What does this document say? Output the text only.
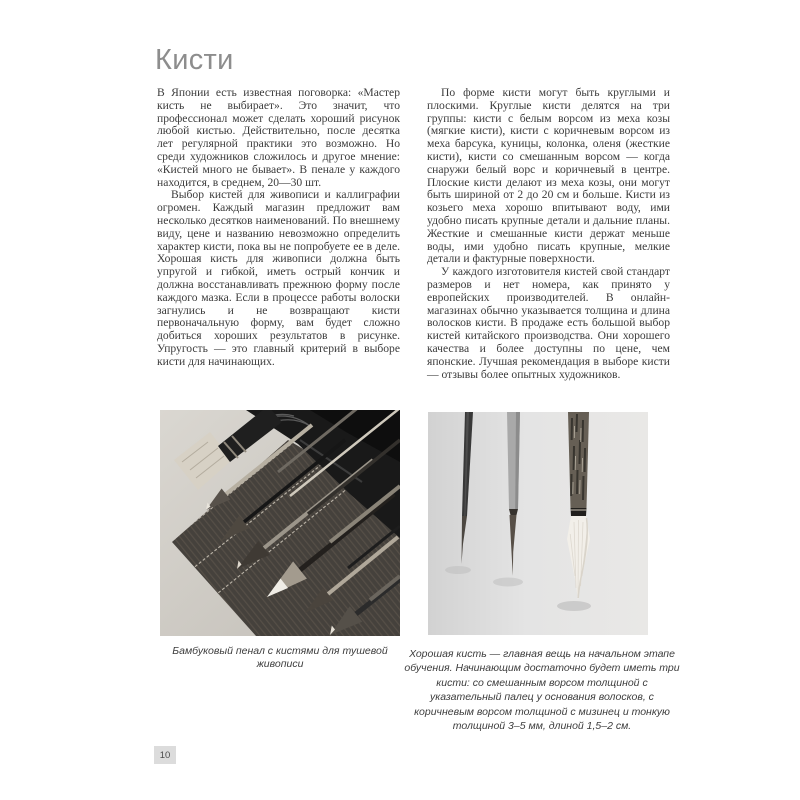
Кисти

В Японии есть известная поговорка: «Мастер кисть не выбирает». Это значит, что профессионал может сделать хороший рисунок любой кистью. Действительно, после десятка лет регулярной практики это возможно. Но среди художников сложилось и другое мнение: «Кистей много не бывает». В пенале у каждого находится, в среднем, 20—30 шт.

Выбор кистей для живописи и каллиграфии огромен. Каждый магазин предложит вам несколько десятков наименований. По внешнему виду, цене и названию невозможно определить характер кисти, пока вы не попробуете ее в деле. Хорошая кисть для живописи должна быть упругой и гибкой, иметь острый кончик и должна восстанавливать прежнюю форму после каждого мазка. Если в процессе работы волоски загнулись и не возвращают кисти первоначальную форму, вам будет сложно добиться хороших результатов в рисунке. Упругость — это главный критерий в выборе кисти для начинающих.

По форме кисти могут быть круглыми и плоскими. Круглые кисти делятся на три группы: кисти с белым ворсом из меха козы (мягкие кисти), кисти с коричневым ворсом из меха барсука, куницы, колонка, оленя (жесткие кисти), кисти со смешанным ворсом — когда снаружи белый ворс и коричневый в центре. Плоские кисти делают из меха козы, они могут быть шириной от 2 до 20 см и больше. Кисти из козьего меха хорошо впитывают воду, ими удобно писать крупные детали и дальние планы. Жесткие и смешанные кисти держат меньше воды, ими удобно писать крупные, мелкие детали и фактурные поверхности.

У каждого изготовителя кистей свой стандарт размеров и нет номера, как принято у европейских производителей. В онлайн-магазинах обычно указывается толщина и длина волосков кисти. В продаже есть большой выбор кистей китайского производства. Они хорошего качества и более доступны по цене, чем японские. Лучшая рекомендация в выборе кисти — отзывы более опытных художников.

Бамбуковый пенал с кистями для тушевой живописи
Хорошая кисть — главная вещь на начальном этапе обучения. Начинающим достаточно будет иметь три кисти: со смешанным ворсом толщиной с указательный палец у основания волосков, с коричневым ворсом толщиной с мизинец и тонкую толщиной 3–5 мм, длиной 1,5–2 см.
10
